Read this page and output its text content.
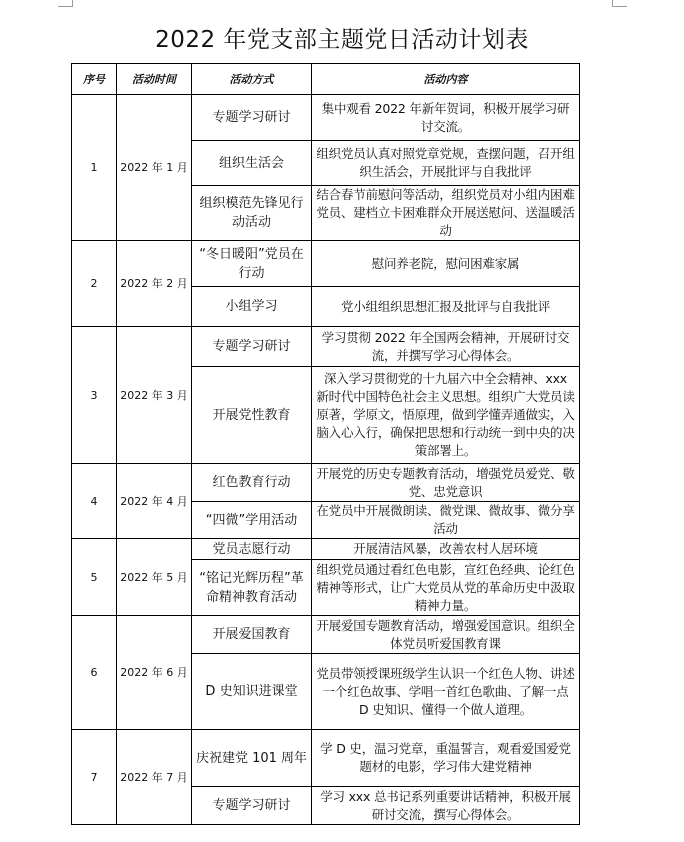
2022 年党支部主题党日活动计划表
序号	活动时间	活动方式	活动内容
1	2022 年 1 月	专题学习研讨	集中观看 2022 年新年贺词，积极开展学习研讨交流。
		组织生活会	组织党员认真对照党章党规，查摆问题，召开组织生活会，开展批评与自我批评
		组织模范先锋见行动活动	结合春节前慰问等活动，组织党员对小组内困难党员、建档立卡困难群众开展送慰问、送温暖活动
2	2022 年 2 月	“冬日暖阳”党员在行动	慰问养老院，慰问困难家属
		小组学习	党小组组织思想汇报及批评与自我批评
3	2022 年 3 月	专题学习研讨	学习贯彻 2022 年全国两会精神，开展研讨交流，并撰写学习心得体会。
		开展党性教育	深入学习贯彻党的十九届六中全会精神、xxx 新时代中国特色社会主义思想。组织广大党员读原著，学原文，悟原理，做到学懂弄通做实，入脑入心入行，确保把思想和行动统一到中央的决策部署上。
4	2022 年 4 月	红色教育行动	开展党的历史专题教育活动，增强党员爱党、敬党、忠党意识
		“四微”学用活动	在党员中开展微朗读、微党课、微故事、微分享活动
5	2022 年 5 月	党员志愿行动	开展清洁风暴，改善农村人居环境
		“铭记光辉历程”革命精神教育活动	组织党员通过看红色电影，宣红色经典、论红色精神等形式，让广大党员从党的革命历史中汲取精神力量。
6	2022 年 6 月	开展爱国教育	开展爱国专题教育活动，增强爱国意识。组织全体党员听爱国教育课
		D 史知识进课堂	党员带领授课班级学生认识一个红色人物、讲述一个红色故事、学唱一首红色歌曲、了解一点 D 史知识、懂得一个做人道理。
7	2022 年 7 月	庆祝建党 101 周年	学 D 史，温习党章，重温誓言，观看爱国爱党题材的电影，学习伟大建党精神
		专题学习研讨	学习 xxx 总书记系列重要讲话精神，积极开展研讨交流，撰写心得体会。
